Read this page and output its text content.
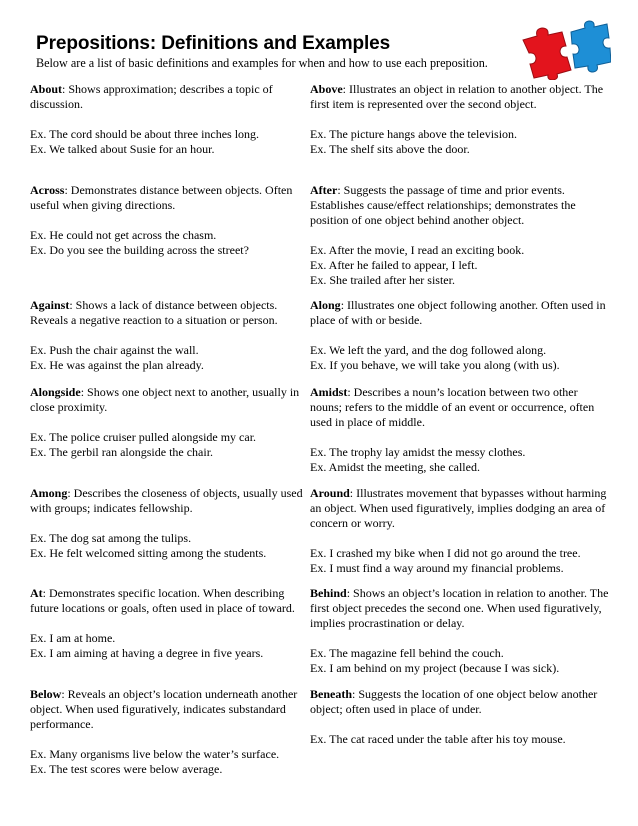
Prepositions: Definitions and Examples
Below are a list of basic definitions and examples for when and how to use each preposition.

About: Shows approximation; describes a topic of discussion.

Ex. The cord should be about three inches long.

Ex. We talked about Susie for an hour.

Across: Demonstrates distance between objects. Often useful when giving directions.

Ex. He could not get across the chasm.

Ex. Do you see the building across the street?

Against: Shows a lack of distance between objects. Reveals a negative reaction to a situation or person.

Ex. Push the chair against the wall.

Ex. He was against the plan already.

Alongside: Shows one object next to another, usually in close proximity.

Ex. The police cruiser pulled alongside my car.

Ex. The gerbil ran alongside the chair.

Among: Describes the closeness of objects, usually used with groups; indicates fellowship.

Ex. The dog sat among the tulips.

Ex. He felt welcomed sitting among the students.

At: Demonstrates specific location. When describing future locations or goals, often used in place of toward.

Ex. I am at home.

Ex. I am aiming at having a degree in five years.

Below: Reveals an object’s location underneath another object. When used figuratively, indicates substandard performance.

Ex. Many organisms live below the water’s surface.

Ex. The test scores were below average.

Above: Illustrates an object in relation to another object. The first item is represented over the second object.

Ex. The picture hangs above the television.

Ex. The shelf sits above the door.

After: Suggests the passage of time and prior events. Establishes cause/effect relationships; demonstrates the position of one object behind another object.

Ex. After the movie, I read an exciting book.

Ex. After he failed to appear, I left.

Ex. She trailed after her sister.

Along: Illustrates one object following another. Often used in place of with or beside.

Ex. We left the yard, and the dog followed along.

Ex. If you behave, we will take you along (with us).

Amidst: Describes a noun’s location between two other nouns; refers to the middle of an event or occurrence, often used in place of middle.

Ex. The trophy lay amidst the messy clothes.

Ex. Amidst the meeting, she called.

Around: Illustrates movement that bypasses without harming an object. When used figuratively, implies dodging an area of concern or worry.

Ex. I crashed my bike when I did not go around the tree.

Ex. I must find a way around my financial problems.

Behind: Shows an object’s location in relation to another. The first object precedes the second one. When used figuratively, implies procrastination or delay.

Ex. The magazine fell behind the couch.

Ex. I am behind on my project (because I was sick).

Beneath: Suggests the location of one object below another object; often used in place of under.

Ex. The cat raced under the table after his toy mouse.
